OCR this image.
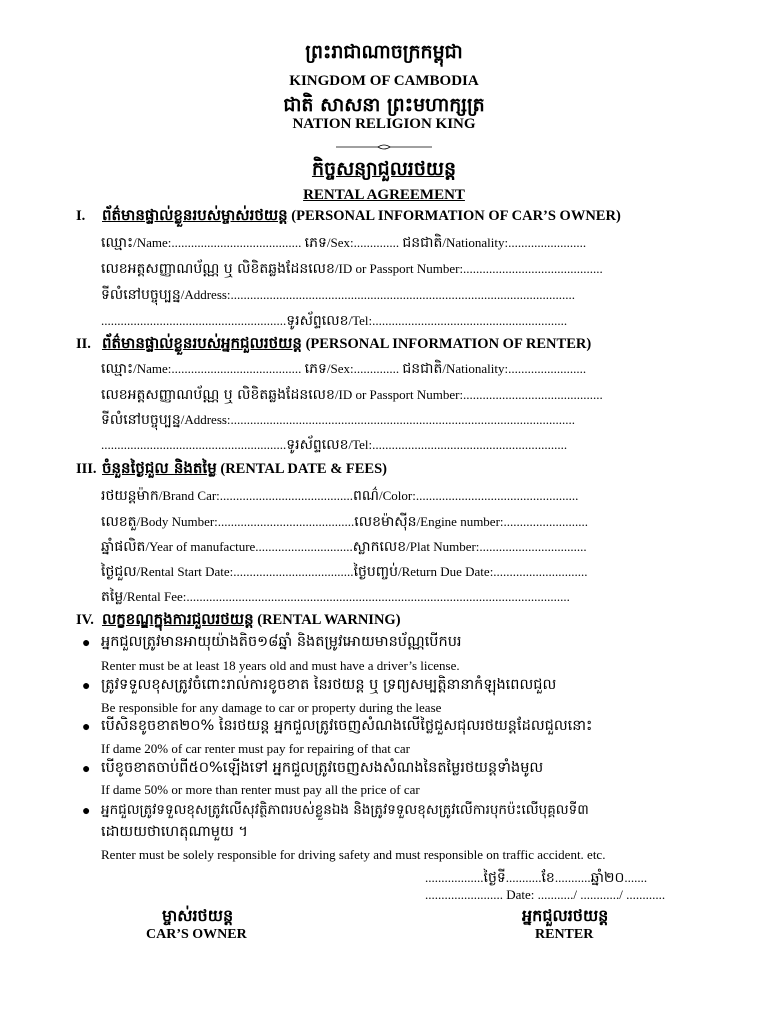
ព្រះរាជាណាចក្រកម្ពុជា
KINGDOM OF CAMBODIA
ជាតិ សាសនា ព្រះមហាក្សត្រ
NATION RELIGION KING
កិច្ចសន្យាជួលរថយន្ត
RENTAL AGREEMENT
I. ព័ត៌មានផ្ទាល់ខ្លួនរបស់ម្ចាស់រថយន្ត (PERSONAL INFORMATION OF CAR’S OWNER)
ឈ្មោះ/Name:........................................ ភេទ/Sex:.............. ជនជាតិ/Nationality:........................
លេខអត្តសញ្ញាណប័ណ្ណ ឬ លិខិតឆ្លងដែនលេខ/ID or Passport Number:...........................................
ទីលំនៅបច្ចុប្បន្ន/Address:..........................................................................................................
.........................................................ទូរស័ព្ទលេខ/Tel:............................................................
II. ព័ត៌មានផ្ទាល់ខ្លួនរបស់អ្នកជួលរថយន្ត (PERSONAL INFORMATION OF RENTER)
ឈ្មោះ/Name:........................................ ភេទ/Sex:.............. ជនជាតិ/Nationality:........................
លេខអត្តសញ្ញាណប័ណ្ណ ឬ លិខិតឆ្លងដែនលេខ/ID or Passport Number:...........................................
ទីលំនៅបច្ចុប្បន្ន/Address:..........................................................................................................
.........................................................ទូរស័ព្ទលេខ/Tel:............................................................
III. ចំនួនថ្ងៃជួល និងតម្លៃ (RENTAL DATE & FEES)
រថយន្តម៉ាក/Brand Car:.........................................ពណ៌/Color:..................................................
លេខតួ/Body Number:..........................................លេខម៉ាស៊ីន/Engine number:..........................
ឆ្នាំផលិត/Year of manufacture..............................ស្លាកលេខ/Plat Number:.................................
ថ្ងៃជួល/Rental Start Date:.....................................ថ្ងៃបញ្ចប់/Return Due Date:.............................
តម្លៃ/Rental Fee:......................................................................................................................
IV. លក្ខខណ្ឌក្នុងការជួលរថយន្ត (RENTAL WARNING)
● អ្នកជួលត្រូវមានអាយុយ៉ាងតិច១៨ឆ្នាំ និងតម្រូវអោយមានប័ណ្ណបើកបរ
Renter must be at least 18 years old and must have a driver’s license.
● ត្រូវទទួលខុសត្រូវចំពោះរាល់ការខូចខាត នៃរថយន្ត ឬ ទ្រព្យសម្បត្តិនានាកំឡុងពេលជួល
Be responsible for any damage to car or property during the lease
● បើសិនខូចខាត២០% នៃរថយន្ត អ្នកជួលត្រូវចេញសំណងលើថ្លៃជួសជុលរថយន្តដែលជួលនោះ
If dame 20% of car renter must pay for repairing of that car
● បើខូចខាតចាប់ពី៥០%ឡើងទៅ អ្នកជួលត្រូវចេញសងសំណងនៃតម្លៃរថយន្តទាំងមូល
If dame 50% or more than renter must pay all the price of car
● អ្នកជួលត្រូវទទួលខុសត្រូវលើសុវត្ថិភាពរបស់ខ្លួនឯង និងត្រូវទទួលខុសត្រូវលើការបុកប៉ះលើបុគ្គលទី៣
ដោយយថាហេតុណាមួយ ។
Renter must be solely responsible for driving safety and must responsible on traffic accident. etc.
..................ថ្ងៃទី...........ខែ...........ឆ្នាំ២០.......
........................ Date: .........../ ............/ ............
ម្ចាស់រថយន្ត
CAR’S OWNER
អ្នកជួលរថយន្ត
RENTER
